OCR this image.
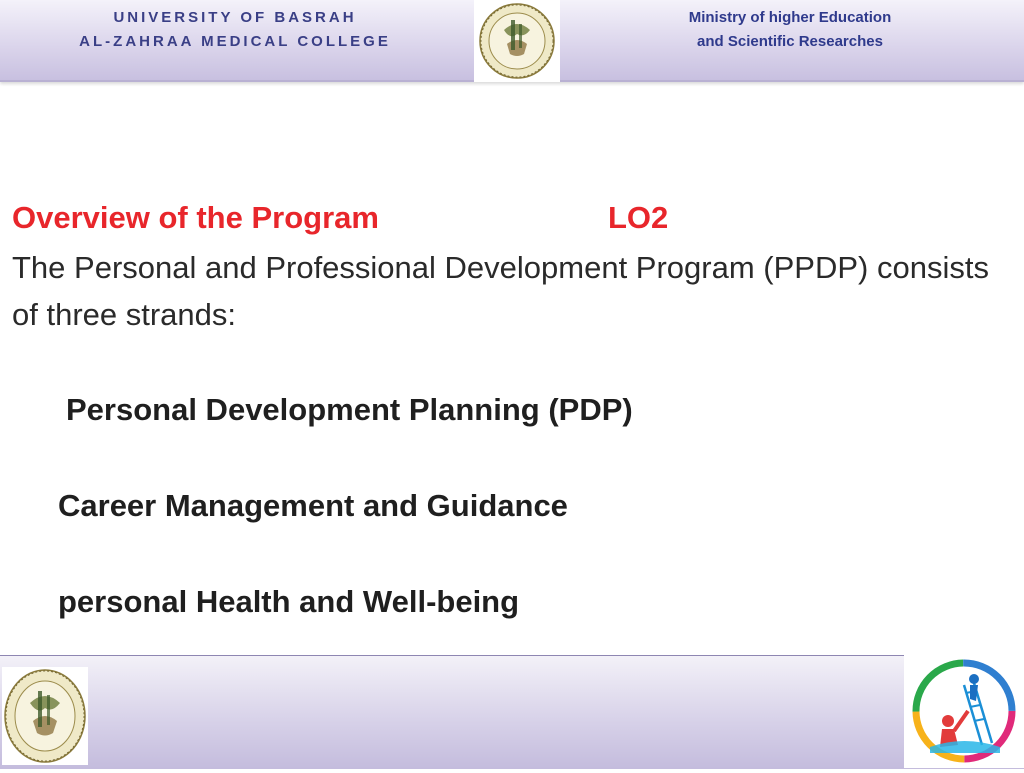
UNIVERSITY OF BASRAH
AL-ZAHRAA MEDICAL COLLEGE
Ministry of higher Education
and Scientific Researches
Overview of the Program	LO2
The Personal and Professional Development Program (PPDP) consists of three strands:
Personal Development Planning (PDP)
Career Management and Guidance
personal Health and Well-being
